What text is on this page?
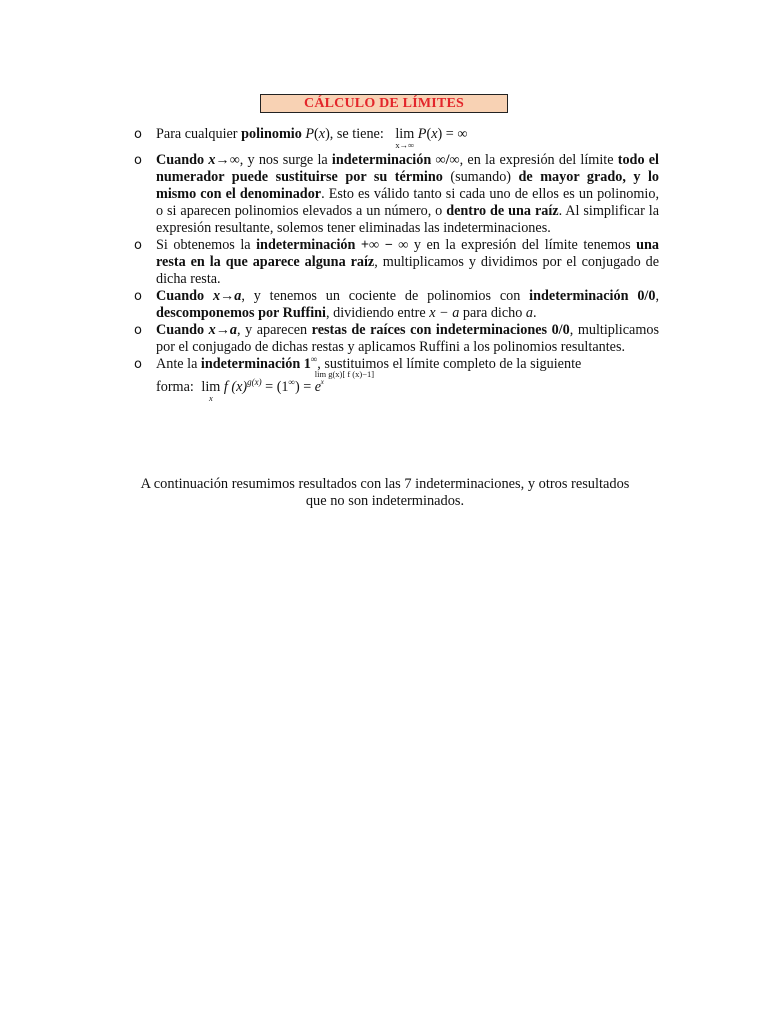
CÁLCULO DE LÍMITES
o Para cualquier polinomio P(x), se tiene: lim
x→∞
P(x) = ∞
o Cuando x→∞, y nos surge la indeterminación ∞/∞, en la expresión del límite todo el numerador puede sustituirse por su término (sumando) de mayor grado, y lo mismo con el denominador. Esto es válido tanto si cada uno de ellos es un polinomio, o si aparecen polinomios elevados a un número, o dentro de una raíz. Al simplificar la expresión resultante, solemos tener eliminadas las indeterminaciones.
o Si obtenemos la indeterminación +∞ − ∞ y en la expresión del límite tenemos una resta en la que aparece alguna raíz, multiplicamos y dividimos por el conjugado de dicha resta.
o Cuando x→a, y tenemos un cociente de polinomios con indeterminación 0/0, descomponemos por Ruffini, dividiendo entre x − a para dicho a.
o Cuando x→a, y aparecen restas de raíces con indeterminaciones 0/0, multiplicamos por el conjugado de dichas restas y aplicamos Ruffini a los polinomios resultantes.
o Ante la indeterminación 1∞, sustituimos el límite completo de la siguiente
forma: lim
x
f $(x)^{g(x)} = (1^\infty) = e$
lim g(x)[ f (x)−1]
x
A continuación resumimos resultados con las 7 indeterminaciones, y otros resultados
que no son indeterminados.
